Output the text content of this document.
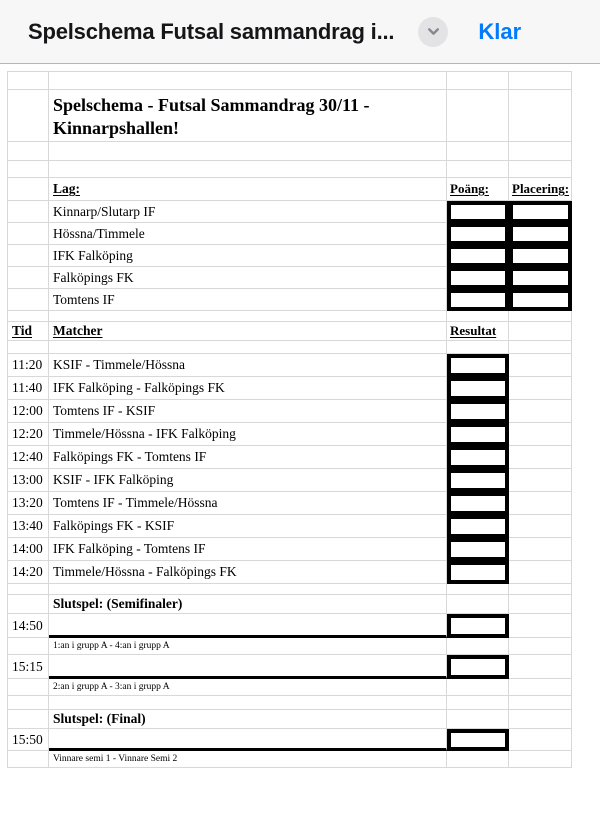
Spelschema Futsal sammandrag i...	Klar
Spelschema - Futsal Sammandrag 30/11 - Kinnarpshallen!
Lag:	Poäng: Placering:
Kinnarp/Slutarp IF
Hössna/Timmele
IFK Falköping
Falköpings FK
Tomtens IF
Tid Matcher	Resultat
11:20 KSIF - Timmele/Hössna
11:40 IFK Falköping - Falköpings FK
12:00 Tomtens IF - KSIF
12:20 Timmele/Hössna - IFK Falköping
12:40 Falköpings FK - Tomtens IF
13:00 KSIF - IFK Falköping
13:20 Tomtens IF - Timmele/Hössna
13:40 Falköpings FK - KSIF
14:00 IFK Falköping - Tomtens IF
14:20 Timmele/Hössna - Falköpings FK
Slutspel: (Semifinaler)
14:50
1:an i grupp A - 4:an i grupp A
15:15
2:an i grupp A - 3:an i grupp A
Slutspel: (Final)
15:50
Vinnare semi 1 - Vinnare Semi 2
